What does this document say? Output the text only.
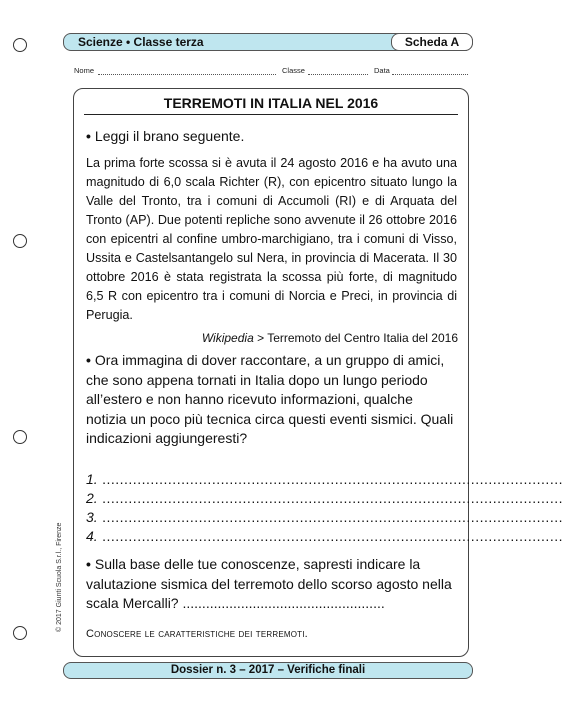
Scienze • Classe terza	Scheda A
Nome	Classe	Data
TERREMOTI IN ITALIA NEL 2016
• Leggi il brano seguente.
La prima forte scossa si è avuta il 24 agosto 2016 e ha avuto una magnitudo di 6,0 scala Richter (R), con epicentro situato lungo la Valle del Tronto, tra i comuni di Accumoli (RI) e di Arquata del Tronto (AP). Due potenti repliche sono avvenute il 26 ottobre 2016 con epicentri al confine umbro-marchigiano, tra i comuni di Visso, Ussita e Castelsantangelo sul Nera, in provincia di Macerata. Il 30 ottobre 2016 è stata registrata la scossa più forte, di magnitudo 6,5 R con epicentro tra i comuni di Norcia e Preci, in provincia di Perugia.
Wikipedia > Terremoto del Centro Italia del 2016
• Ora immagina di dover raccontare, a un gruppo di amici, che sono appena tornati in Italia dopo un lungo periodo all’estero e non hanno ricevuto informazioni, qualche notizia un poco più tecnica circa questi eventi sismici. Quali indicazioni aggiungeresti?
1. .........................................................................................................
2. .........................................................................................................
3. .........................................................................................................
4. .........................................................................................................
• Sulla base delle tue conoscenze, sapresti indicare la valutazione sismica del terremoto dello scorso agosto nella scala Mercalli? ....................................................
Conoscere le caratteristiche dei terremoti.
© 2017 Giunti Scuola S.r.l., Firenze
Dossier n. 3 – 2017 – Verifiche finali
